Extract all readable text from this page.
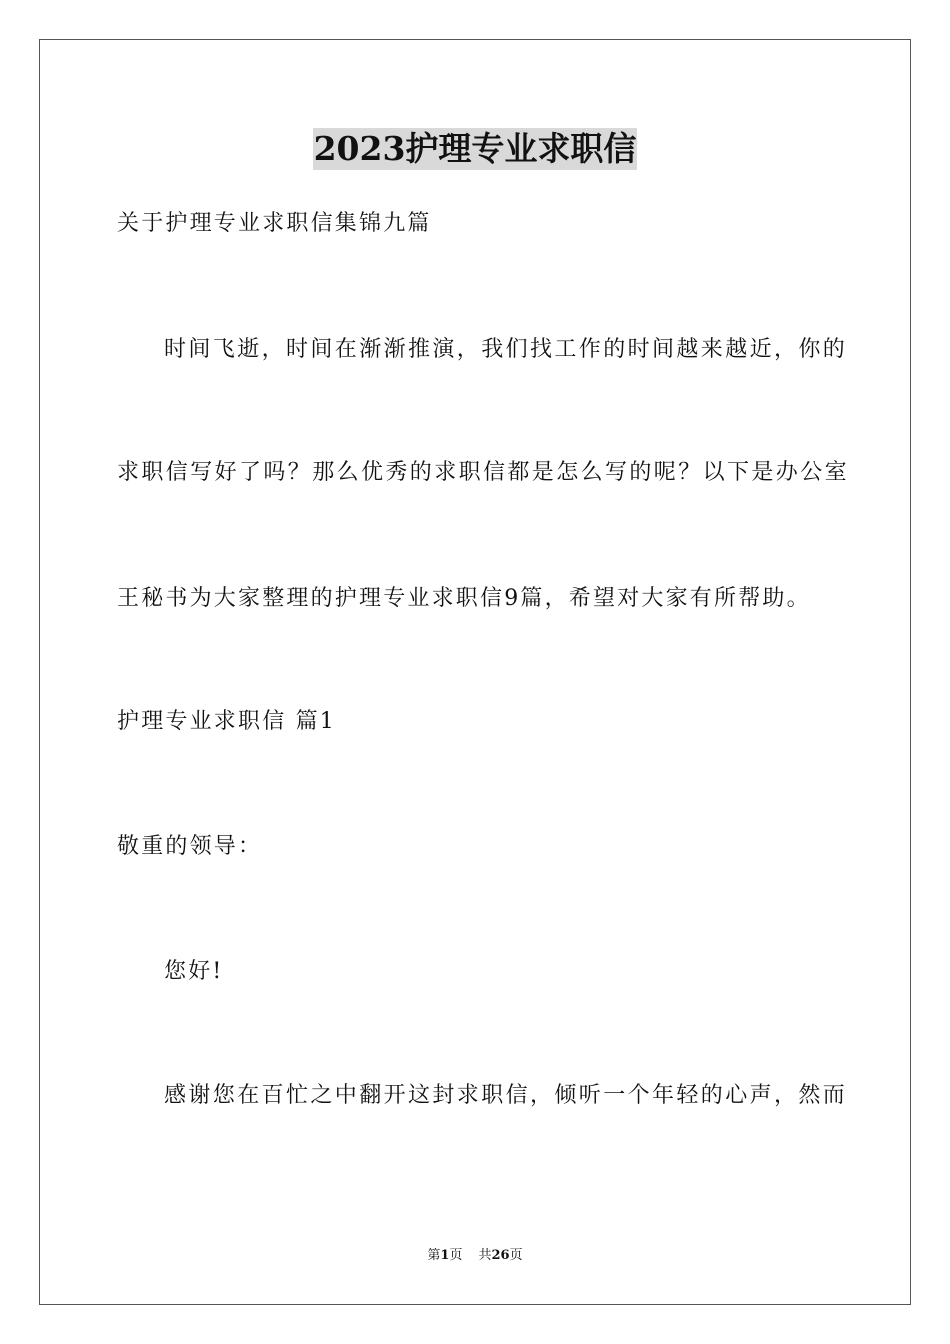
2023护理专业求职信
关于护理专业求职信集锦九篇
时间飞逝，时间在渐渐推演，我们找工作的时间越来越近，你的
求职信写好了吗？那么优秀的求职信都是怎么写的呢？以下是办公室
王秘书为大家整理的护理专业求职信9篇，希望对大家有所帮助。
护理专业求职信 篇1
敬重的领导：
您好!
感谢您在百忙之中翻开这封求职信，倾听一个年轻的心声，然而
第1页 共26页
